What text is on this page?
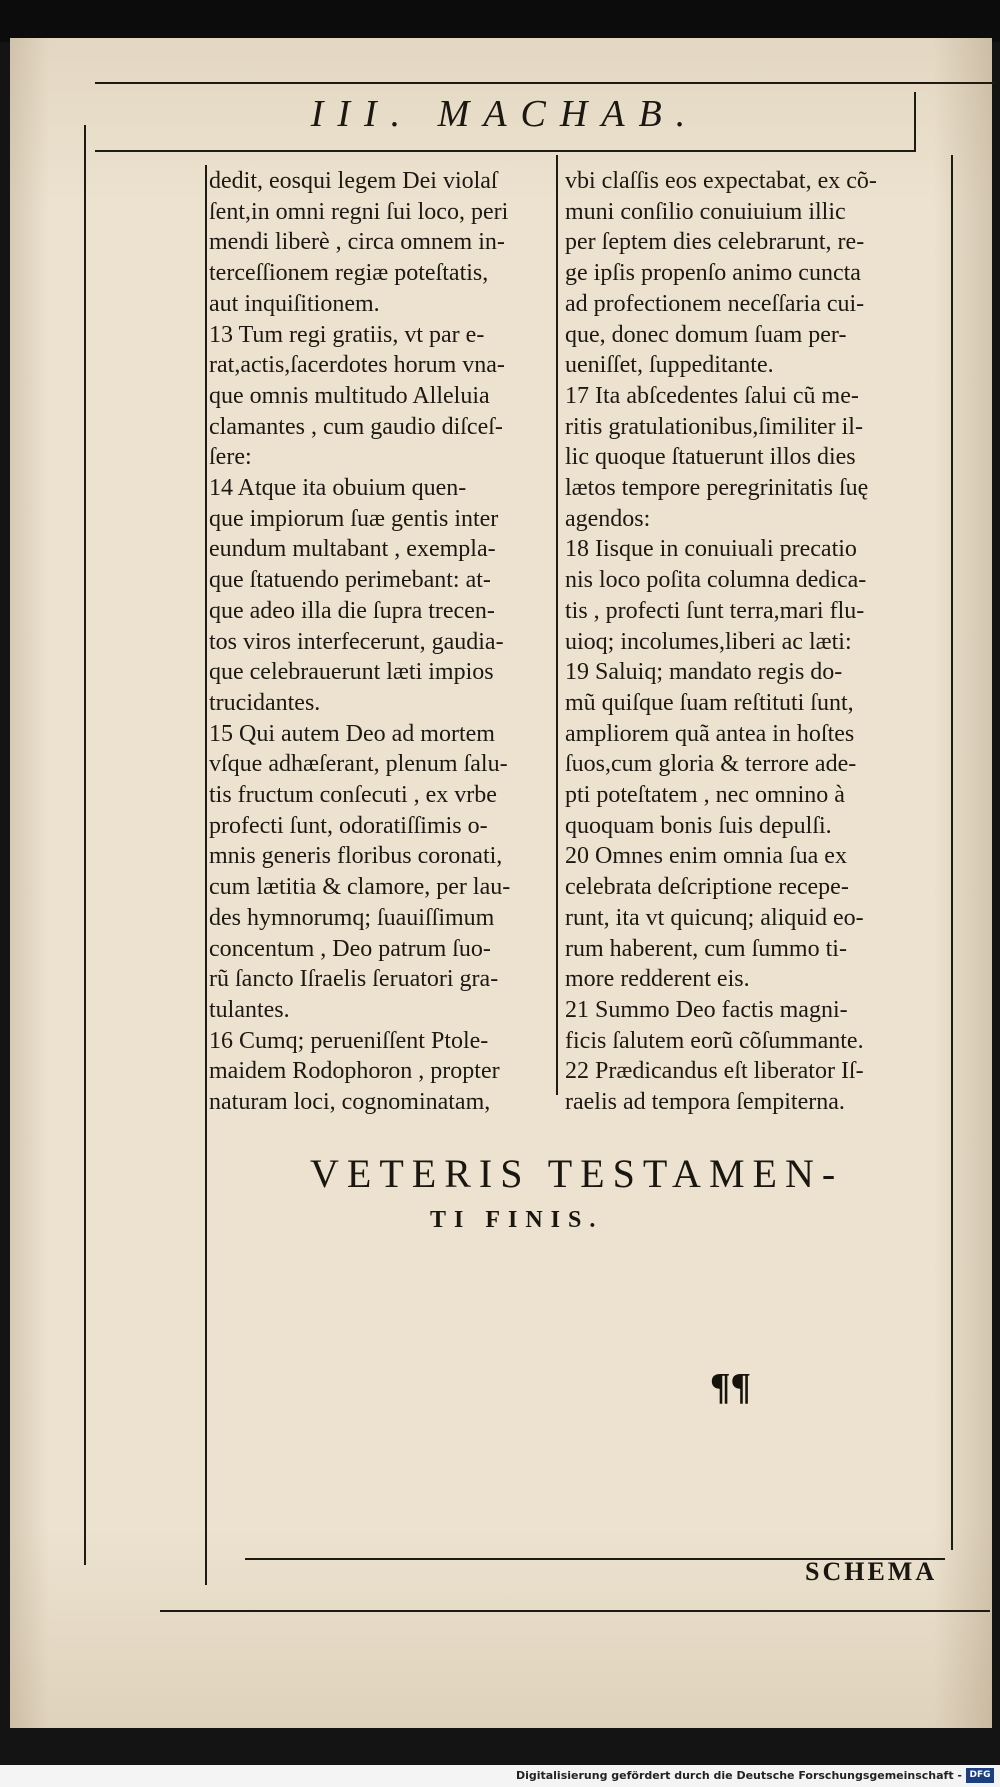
III. MACHAB.
dedit, eosqui legem Dei violaſ
ſent,in omni regni ſui loco, peri
mendi liberè , circa omnem in-
terceſſionem regiæ poteſtatis,
aut inquiſitionem.
13 Tum regi gratiis, vt par e-
rat,actis,ſacerdotes horum vna-
que omnis multitudo Alleluia
clamantes , cum gaudio diſceſ-
ſere:
14 Atque ita obuium quen-
que impiorum ſuæ gentis inter
eundum multabant , exempla-
que ſtatuendo perimebant: at-
que adeo illa die ſupra trecen-
tos viros interfecerunt, gaudia-
que celebrauerunt læti impios
trucidantes.
15 Qui autem Deo ad mortem
vſque adhæſerant, plenum ſalu-
tis fructum conſecuti , ex vrbe
profecti ſunt, odoratiſſimis o-
mnis generis floribus coronati,
cum lætitia & clamore, per lau-
des hymnorumq; ſuauiſſimum
concentum , Deo patrum ſuo-
rũ ſancto Iſraelis ſeruatori gra-
tulantes.
16 Cumq; perueniſſent Ptole-
maidem Rodophoron , propter
naturam loci, cognominatam,
vbi claſſis eos expectabat, ex cõ-
muni conſilio conuiuium illic
per ſeptem dies celebrarunt, re-
ge ipſis propenſo animo cuncta
ad profectionem neceſſaria cui-
que, donec domum ſuam per-
ueniſſet, ſuppeditante.
17 Ita abſcedentes ſalui cũ me-
ritis gratulationibus,ſimiliter il-
lic quoque ſtatuerunt illos dies
lætos tempore peregrinitatis ſuę
agendos:
18 Iisque in conuiuali precatio
nis loco poſita columna dedica-
tis , profecti ſunt terra,mari flu-
uioq; incolumes,liberi ac læti:
19 Saluiq; mandato regis do-
mũ quiſque ſuam reſtituti ſunt,
ampliorem quã antea in hoſtes
ſuos,cum gloria & terrore ade-
pti poteſtatem , nec omnino à
quoquam bonis ſuis depulſi.
20 Omnes enim omnia ſua ex
celebrata deſcriptione recepe-
runt, ita vt quicunq; aliquid eo-
rum haberent, cum ſummo ti-
more redderent eis.
21 Summo Deo factis magni-
ficis ſalutem eorũ cõſummante.
22 Prædicandus eſt liberator Iſ-
raelis ad tempora ſempiterna.
VETERIS TESTAMEN-
TI FINIS.
¶¶
SCHEMA
Digitalisierung gefördert durch die Deutsche Forschungsgemeinschaft - DFG
